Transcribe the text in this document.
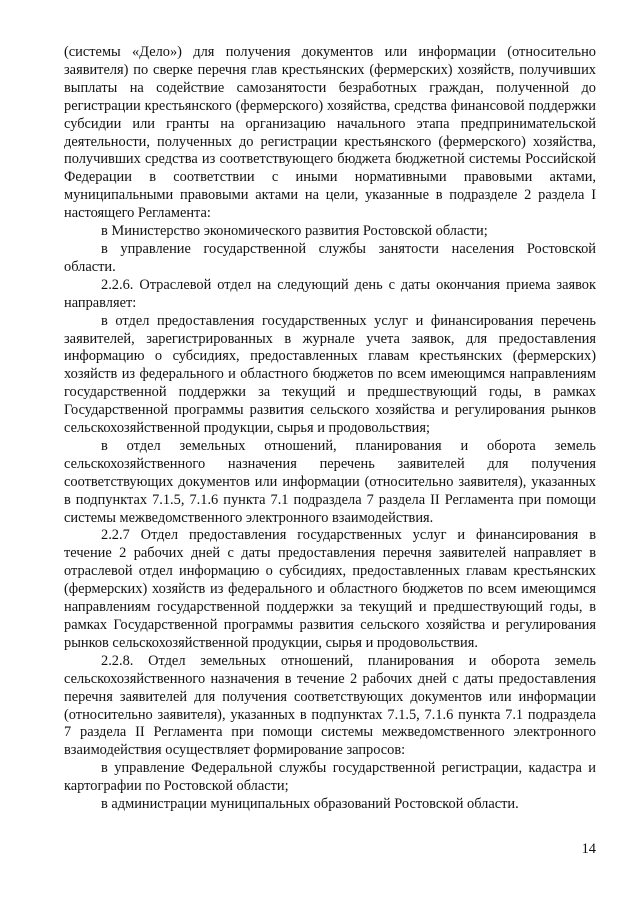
(системы «Дело») для получения документов или информации (относительно заявителя) по сверке перечня глав крестьянских (фермерских) хозяйств, получивших выплаты на содействие самозанятости безработных граждан, полученной до регистрации крестьянского (фермерского) хозяйства, средства финансовой поддержки субсидии или гранты на организацию начального этапа предпринимательской деятельности, полученных до регистрации крестьянского (фермерского) хозяйства, получивших средства из соответствующего бюджета бюджетной системы Российской Федерации в соответствии с иными нормативными правовыми актами, муниципальными правовыми актами на цели, указанные в подразделе 2 раздела I настоящего Регламента:

в Министерство экономического развития Ростовской области;

в управление государственной службы занятости населения Ростовской области.

2.2.6. Отраслевой отдел на следующий день с даты окончания приема заявок направляет:

в отдел предоставления государственных услуг и финансирования перечень заявителей, зарегистрированных в журнале учета заявок, для предоставления информацию о субсидиях, предоставленных главам крестьянских (фермерских) хозяйств из федерального и областного бюджетов по всем имеющимся направлениям государственной поддержки за текущий и предшествующий годы, в рамках Государственной программы развития сельского хозяйства и регулирования рынков сельскохозяйственной продукции, сырья и продовольствия;

в отдел земельных отношений, планирования и оборота земель сельскохозяйственного назначения перечень заявителей для получения соответствующих документов или информации (относительно заявителя), указанных в подпунктах 7.1.5, 7.1.6 пункта 7.1 подраздела 7 раздела II Регламента при помощи системы межведомственного электронного взаимодействия.

2.2.7 Отдел предоставления государственных услуг и финансирования в течение 2 рабочих дней с даты предоставления перечня заявителей направляет в отраслевой отдел информацию о субсидиях, предоставленных главам крестьянских (фермерских) хозяйств из федерального и областного бюджетов по всем имеющимся направлениям государственной поддержки за текущий и предшествующий годы, в рамках Государственной программы развития сельского хозяйства и регулирования рынков сельскохозяйственной продукции, сырья и продовольствия.

2.2.8. Отдел земельных отношений, планирования и оборота земель сельскохозяйственного назначения в течение 2 рабочих дней с даты предоставления перечня заявителей для получения соответствующих документов или информации (относительно заявителя), указанных в подпунктах 7.1.5, 7.1.6 пункта 7.1 подраздела 7 раздела II Регламента при помощи системы межведомственного электронного взаимодействия осуществляет формирование запросов:

в управление Федеральной службы государственной регистрации, кадастра и картографии по Ростовской области;

в администрации муниципальных образований Ростовской области.

14
